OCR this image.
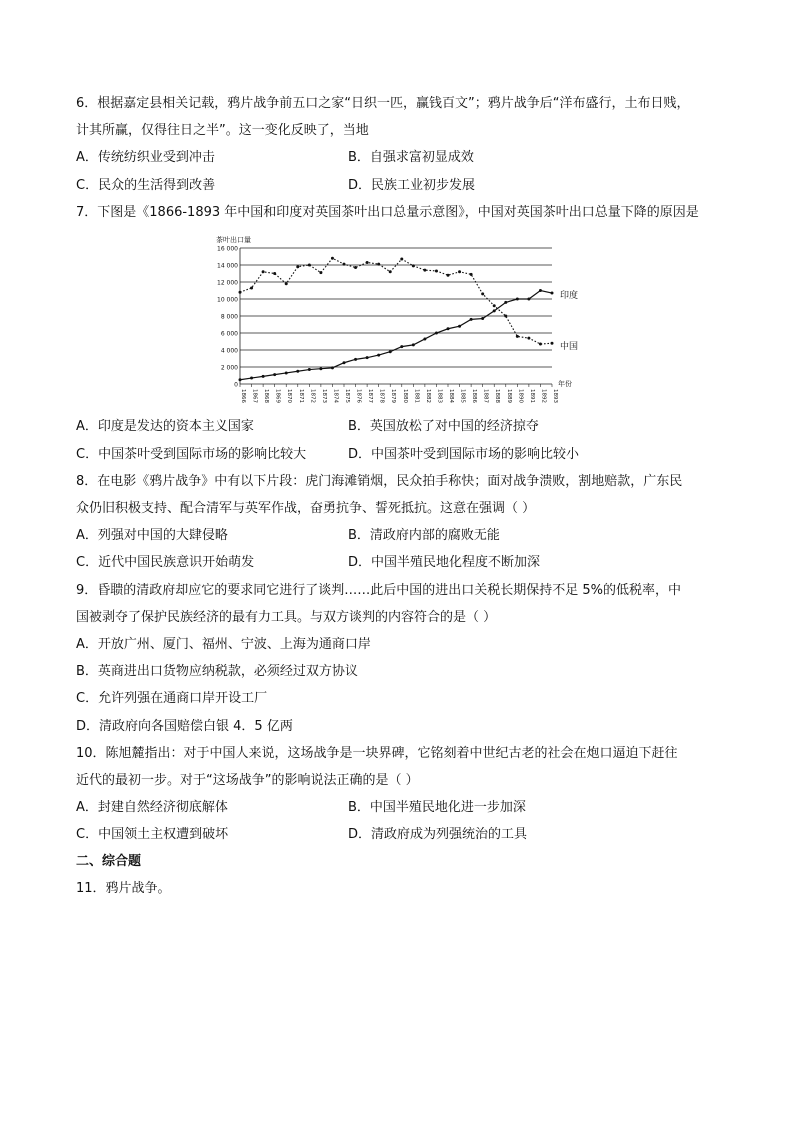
6．根据嘉定县相关记载，鸦片战争前五口之家“日织一匹，赢钱百文”；鸦片战争后“洋布盛行，土布日贱，
计其所赢，仅得往日之半”。这一变化反映了，当地
A．传统纺织业受到冲击	B．自强求富初显成效
C．民众的生活得到改善	D．民族工业初步发展
7．下图是《1866-1893 年中国和印度对英国茶叶出口总量示意图》，中国对英国茶叶出口总量下降的原因是
0
2 000
4 000
6 000
8 000
10 000
12 000
14 000
16 000
1866 1867 1868 1869 1870 1871 1872 1873 1874 1875 1876 1877 1878 1879 1880 1881 1882 1883 1884 1885 1886 1887 1888 1889 1890 1891 1892 1893
茶叶出口量
年份
印度
中国
A．印度是发达的资本主义国家	B．英国放松了对中国的经济掠夺
C．中国茶叶受到国际市场的影响比较大	D．中国茶叶受到国际市场的影响比较小
8．在电影《鸦片战争》中有以下片段：虎门海滩销烟，民众拍手称快；面对战争溃败，割地赔款，广东民
众仍旧积极支持、配合清军与英军作战，奋勇抗争、誓死抵抗。这意在强调（ ）
A．列强对中国的大肆侵略	B．清政府内部的腐败无能
C．近代中国民族意识开始萌发	D．中国半殖民地化程度不断加深
9．昏聩的清政府却应它的要求同它进行了谈判……此后中国的进出口关税长期保持不足 5%的低税率，中
国被剥夺了保护民族经济的最有力工具。与双方谈判的内容符合的是（ ）
A．开放广州、厦门、福州、宁波、上海为通商口岸
B．英商进出口货物应纳税款，必须经过双方协议
C．允许列强在通商口岸开设工厂
D．清政府向各国赔偿白银 4．5 亿两
10．陈旭麓指出：对于中国人来说，这场战争是一块界碑，它铭刻着中世纪古老的社会在炮口逼迫下赶往
近代的最初一步。对于“这场战争”的影响说法正确的是（ ）
A．封建自然经济彻底解体	B．中国半殖民地化进一步加深
C．中国领土主权遭到破坏	D．清政府成为列强统治的工具
二、综合题
11．鸦片战争。
